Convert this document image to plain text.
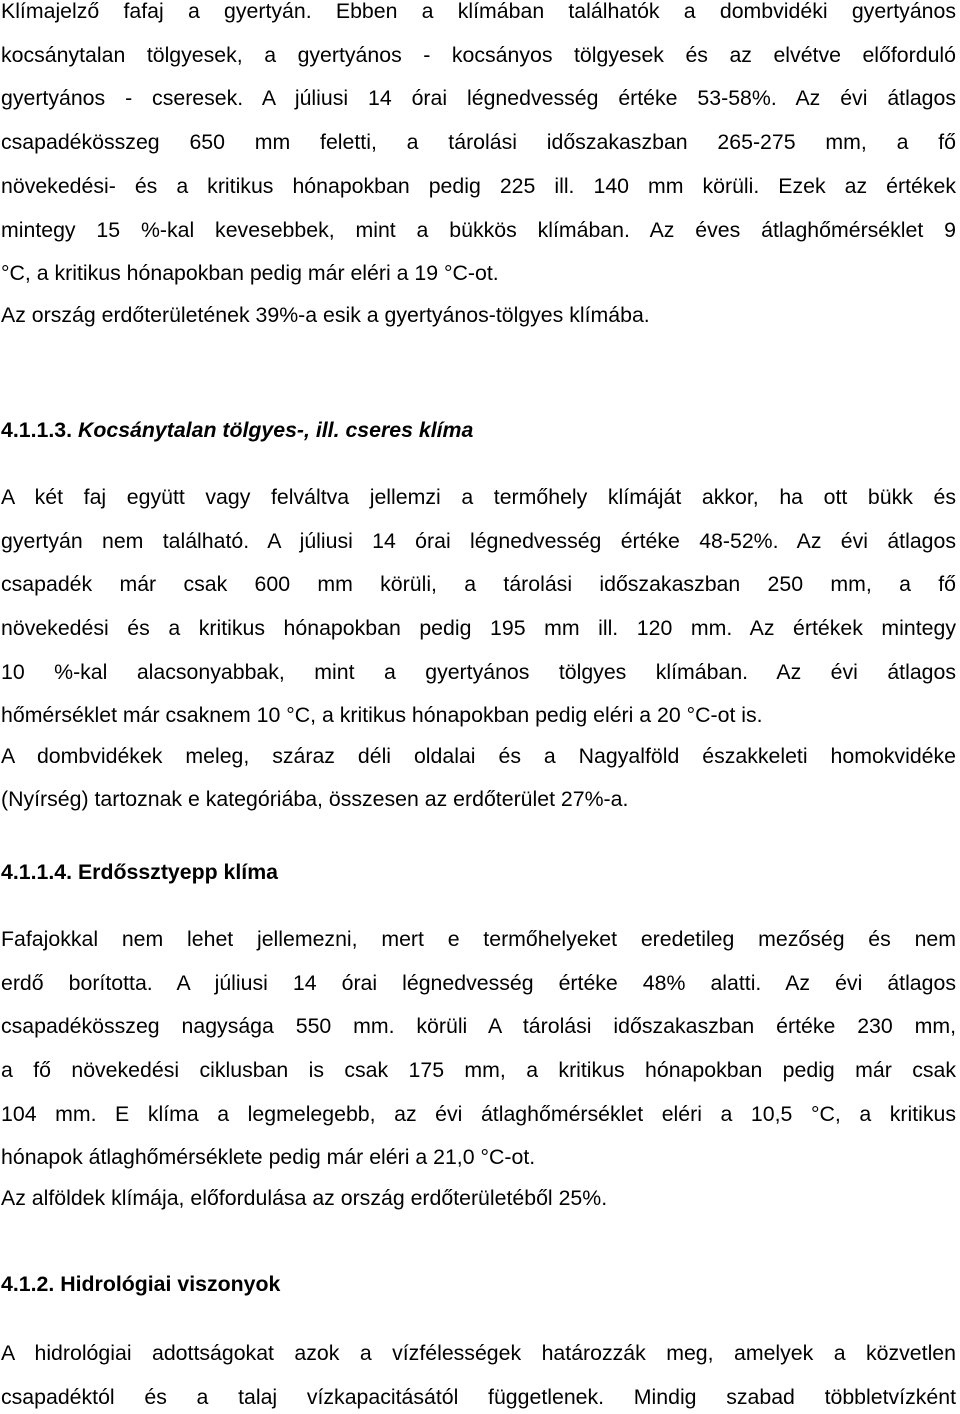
Klímajelző fafaj a gyertyán. Ebben a klímában találhatók a dombvidéki gyertyános
kocsánytalan tölgyesek, a gyertyános - kocsányos tölgyesek és az elvétve előforduló
gyertyános - cseresek. A júliusi 14 órai légnedvesség értéke 53-58%. Az évi átlagos
csapadékösszeg 650 mm feletti, a tárolási időszakaszban 265-275 mm, a fő
növekedési- és a kritikus hónapokban pedig 225 ill. 140 mm körüli. Ezek az értékek
mintegy 15 %-kal kevesebbek, mint a bükkös klímában. Az éves átlaghőmérséklet 9
°C, a kritikus hónapokban pedig már eléri a 19 °C-ot.
Az ország erdőterületének 39%-a esik a gyertyános-tölgyes klímába.

4.1.1.3. Kocsánytalan tölgyes-, ill. cseres klíma

A két faj együtt vagy felváltva jellemzi a termőhely klímáját akkor, ha ott bükk és
gyertyán nem található. A júliusi 14 órai légnedvesség értéke 48-52%. Az évi átlagos
csapadék már csak 600 mm körüli, a tárolási időszakaszban 250 mm, a fő
növekedési és a kritikus hónapokban pedig 195 mm ill. 120 mm. Az értékek mintegy
10 %-kal alacsonyabbak, mint a gyertyános tölgyes klímában. Az évi átlagos
hőmérséklet már csaknem 10 °C, a kritikus hónapokban pedig eléri a 20 °C-ot is.
A dombvidékek meleg, száraz déli oldalai és a Nagyalföld északkeleti homokvidéke
(Nyírség) tartoznak e kategóriába, összesen az erdőterület 27%-a.

4.1.1.4. Erdőssztyepp klíma

Fafajokkal nem lehet jellemezni, mert e termőhelyeket eredetileg mezőség és nem
erdő borította. A júliusi 14 órai légnedvesség értéke 48% alatti. Az évi átlagos
csapadékösszeg nagysága 550 mm. körüli A tárolási időszakaszban értéke 230 mm,
a fő növekedési ciklusban is csak 175 mm, a kritikus hónapokban pedig már csak
104 mm. E klíma a legmelegebb, az évi átlaghőmérséklet eléri a 10,5 °C, a kritikus
hónapok átlaghőmérséklete pedig már eléri a 21,0 °C-ot.
Az alföldek klímája, előfordulása az ország erdőterületéből 25%.

4.1.2. Hidrológiai viszonyok

A hidrológiai adottságokat azok a vízfélességek határozzák meg, amelyek a közvetlen
csapadéktól és a talaj vízkapacitásától függetlenek. Mindig szabad többletvízként
